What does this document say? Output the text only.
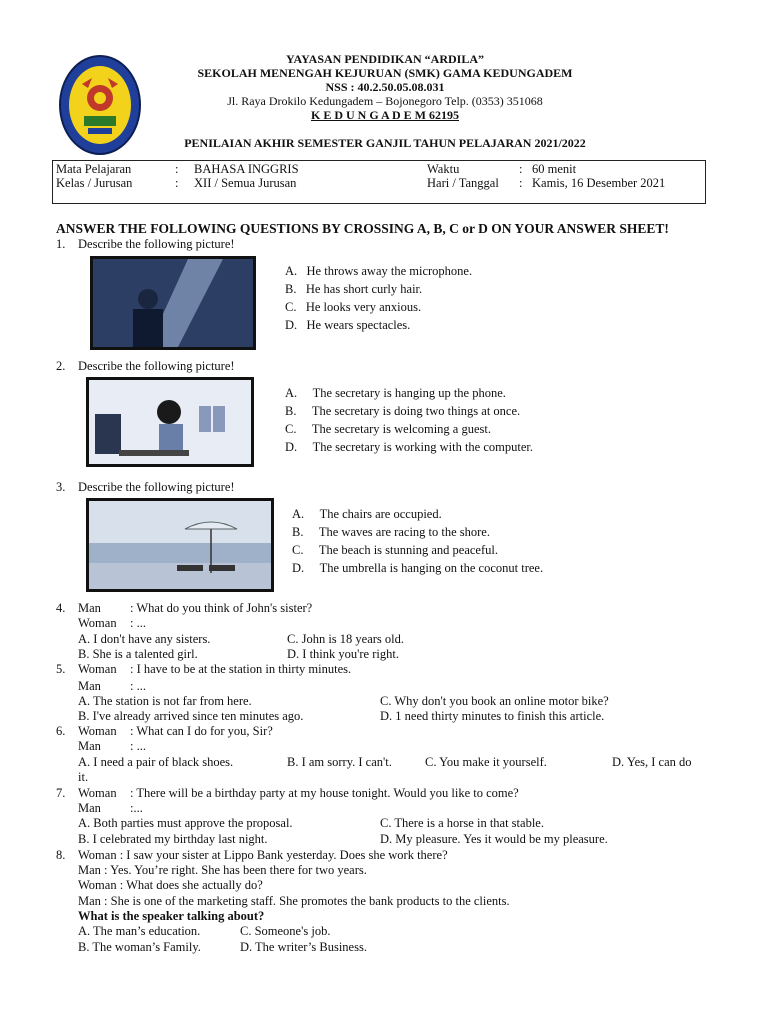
YAYASAN PENDIDIKAN “ARDILA”
SEKOLAH MENENGAH KEJURUAN (SMK) GAMA KEDUNGADEM
NSS : 40.2.50.05.08.031
Jl. Raya Drokilo Kedungadem – Bojonegoro Telp. (0353) 351068
K E D U N G A D E M 62195
PENILAIAN AKHIR SEMESTER GANJIL TAHUN PELAJARAN 2021/2022
Mata Pelajaran	: BAHASA INGGRIS
Kelas / Jurusan	: XII / Semua Jurusan
Waktu	: 60 menit
Hari / Tanggal : Kamis, 16 Desember 2021
ANSWER THE FOLLOWING QUESTIONS BY CROSSING A, B, C or D ON YOUR ANSWER SHEET!
1. Describe the following picture!
A. He throws away the microphone.
B. He has short curly hair.
C. He looks very anxious.
D. He wears spectacles.
2. Describe the following picture!
A. The secretary is hanging up the phone.
B. The secretary is doing two things at once.
C. The secretary is welcoming a guest.
D. The secretary is working with the computer.
3. Describe the following picture!
A. The chairs are occupied.
B. The waves are racing to the shore.
C. The beach is stunning and peaceful.
D. The umbrella is hanging on the coconut tree.
4. Man : What do you think of John's sister?
Woman : ...
A. I don't have any sisters.	C. John is 18 years old.
B. She is a talented girl.	D. I think you're right.
5. Woman : I have to be at the station in thirty minutes.
Man : ...
A. The station is not far from here.	C. Why don't you book an online motor bike?
B. I've already arrived since ten minutes ago.	D. 1 need thirty minutes to finish this article.
6. Woman : What can I do for you, Sir?
Man : ...
A. I need a pair of black shoes.	B. I am sorry. I can't.	C. You make it yourself.	D. Yes, I can do
it.
7. Woman : There will be a birthday party at my house tonight. Would you like to come?
Man :...
A. Both parties must approve the proposal.	C. There is a horse in that stable.
B. I celebrated my birthday last night.	D. My pleasure. Yes it would be my pleasure.
8. Woman : I saw your sister at Lippo Bank yesterday. Does she work there?
Man : Yes. You’re right. She has been there for two years.
Woman : What does she actually do?
Man : She is one of the marketing staff. She promotes the bank products to the clients.
What is the speaker talking about?
A. The man’s education.	C. Someone's job.
B. The woman’s Family.	D. The writer’s Business.
